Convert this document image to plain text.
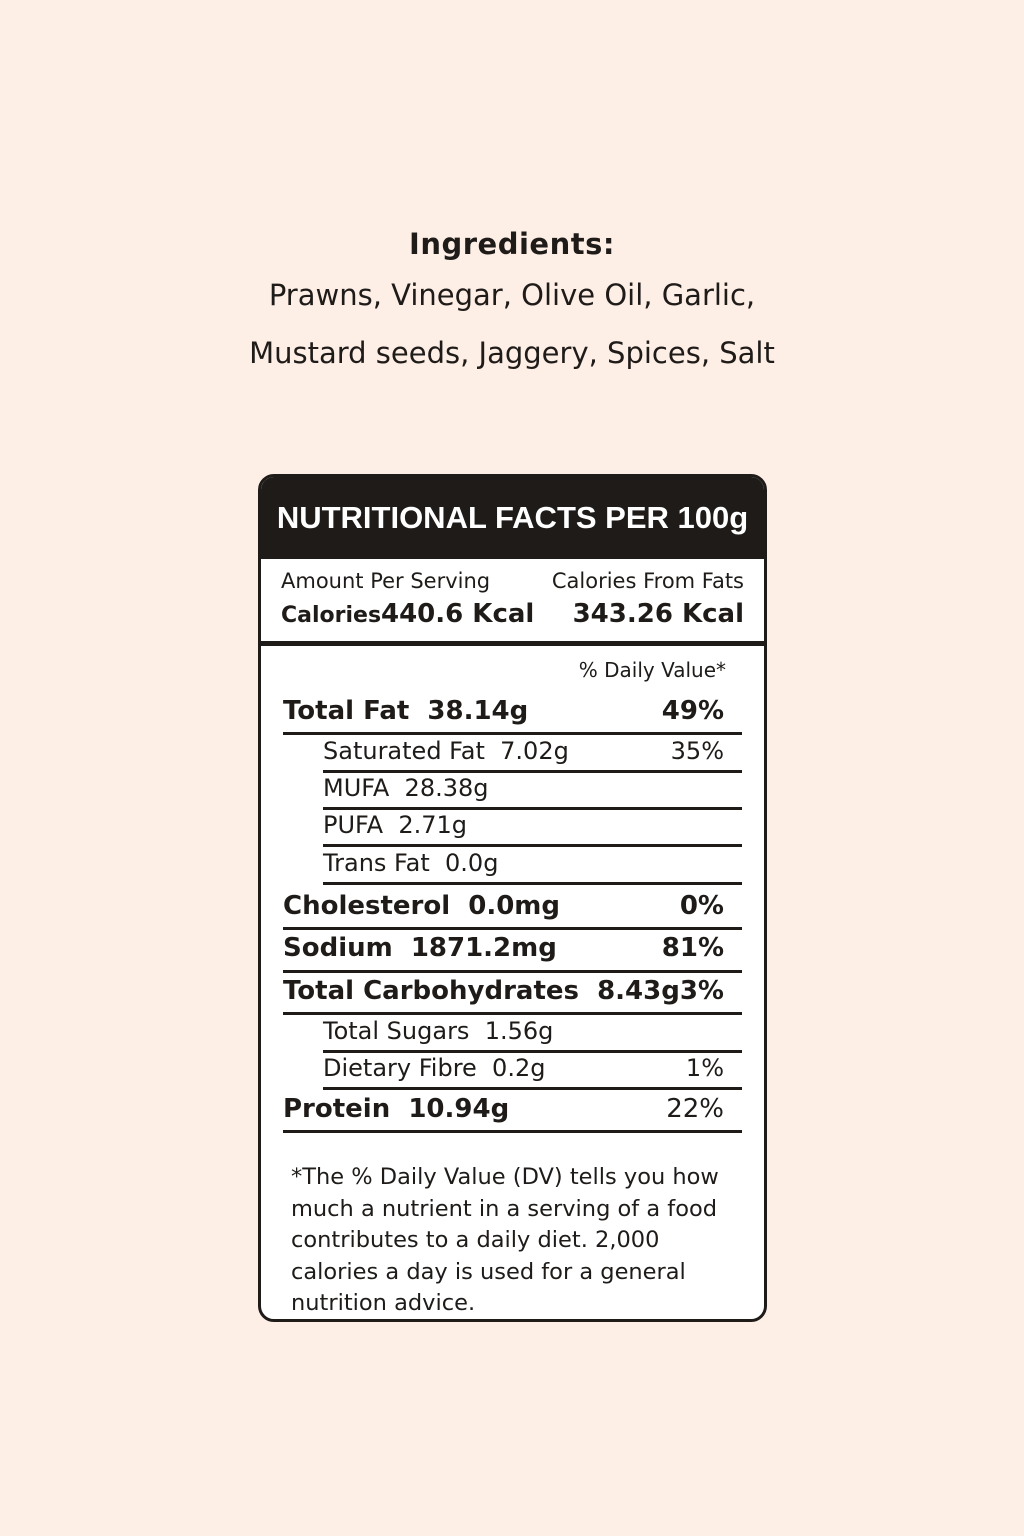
Ingredients:
Prawns, Vinegar, Olive Oil, Garlic,
Mustard seeds, Jaggery, Spices, Salt
NUTRITIONAL FACTS PER 100g
Amount Per Serving	Calories From Fats
Calories 440.6 Kcal 343.26 Kcal
% Daily Value*
Total Fat  38.14g	49%
Saturated Fat  7.02g	35%
MUFA  28.38g
PUFA  2.71g
Trans Fat  0.0g
Cholesterol  0.0mg	0%
Sodium  1871.2mg	81%
Total Carbohydrates  8.43g 3%
Total Sugars  1.56g
Dietary Fibre  0.2g	1%
Protein  10.94g	22%
*The % Daily Value (DV) tells you how much a nutrient in a serving of a food contributes to a daily diet. 2,000 calories a day is used for a general nutrition advice.
